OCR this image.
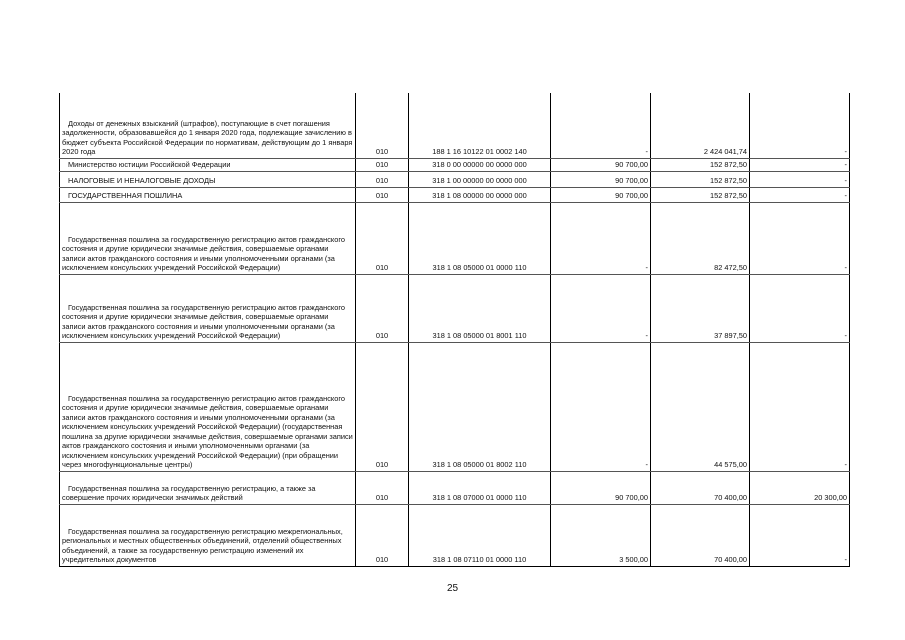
Доходы от денежных взысканий (штрафов), поступающие в счет погашения задолженности, образовавшейся до 1 января 2020 года, подлежащие зачислению в бюджет субъекта Российской Федерации по нормативам, действующим до 1 января 2020 года	010	188 1 16 10122 01 0002 140	-	2 424 041,74	-

Министерство юстиции Российской Федерации	010	318 0 00 00000 00 0000 000	90 700,00	152 872,50	-

НАЛОГОВЫЕ И НЕНАЛОГОВЫЕ ДОХОДЫ	010	318 1 00 00000 00 0000 000	90 700,00	152 872,50	-

ГОСУДАРСТВЕННАЯ ПОШЛИНА	010	318 1 08 00000 00 0000 000	90 700,00	152 872,50	-

Государственная пошлина за государственную регистрацию актов гражданского состояния и другие юридически значимые действия, совершаемые органами записи актов гражданского состояния и иными уполномоченными органами (за исключением консульских учреждений Российской Федерации)	010	318 1 08 05000 01 0000 110	-	82 472,50	-

Государственная пошлина за государственную регистрацию актов гражданского состояния и другие юридически значимые действия, совершаемые органами записи актов гражданского состояния и иными уполномоченными органами (за исключением консульских учреждений Российской Федерации)	010	318 1 08 05000 01 8001 110	-	37 897,50	-

Государственная пошлина за государственную регистрацию актов гражданского состояния и другие юридически значимые действия, совершаемые органами записи актов гражданского состояния и иными уполномоченными органами (за исключением консульских учреждений Российской Федерации) (государственная пошлина за другие юридически значимые действия, совершаемые органами записи актов гражданского состояния и иными уполномоченными органами (за исключением консульских учреждений Российской Федерации) (при обращении через многофункциональные центры)	010	318 1 08 05000 01 8002 110	-	44 575,00	-

Государственная пошлина за государственную регистрацию, а также за совершение прочих юридически значимых действий	010	318 1 08 07000 01 0000 110	90 700,00	70 400,00	20 300,00

Государственная пошлина за государственную регистрацию межрегиональных, региональных и местных общественных объединений, отделений общественных объединений, а также за государственную регистрацию изменений их учредительных документов	010	318 1 08 07110 01 0000 110	3 500,00	70 400,00	-
25
